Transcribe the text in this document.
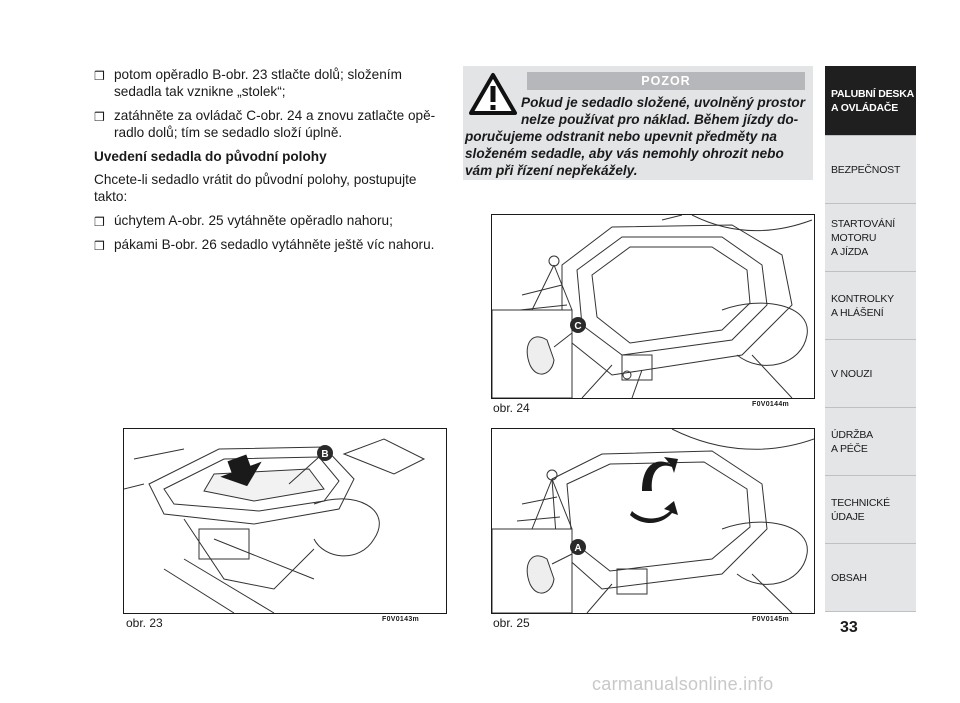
❒ potom opěradlo B-obr. 23 stlačte dolů; složením sedadla tak vznikne „stolek“;
❒ zatáhněte za ovládač C-obr. 24 a znovu zatlačte opěradlo dolů; tím se sedadlo složí úplně.
Uvedení sedadla do původní polohy
Chcete-li sedadlo vrátit do původní polohy, postupujte takto:
❒ úchytem A-obr. 25 vytáhněte opěradlo nahoru;
❒ pákami B-obr. 26 sedadlo vytáhněte ještě víc nahoru.
POZOR
Pokud je sedadlo složené, uvolněný prostor nelze používat pro náklad. Během jízdy do-
poručujeme odstranit nebo upevnit předměty na složeném sedadle, aby vás nemohly ohrozit nebo vám při řízení nepřekážely.
C
obr. 24	F0V0144m
B
obr. 23	F0V0143m
A
obr. 25	F0V0145m
PALUBNÍ DESKA
A OVLÁDAČE
BEZPEČNOST
STARTOVÁNÍ
MOTORU
A JÍZDA
KONTROLKY
A HLÁŠENÍ
V NOUZI
ÚDRŽBA
A PÉČE
TECHNICKÉ
ÚDAJE
OBSAH
33
carmanualsonline.info
